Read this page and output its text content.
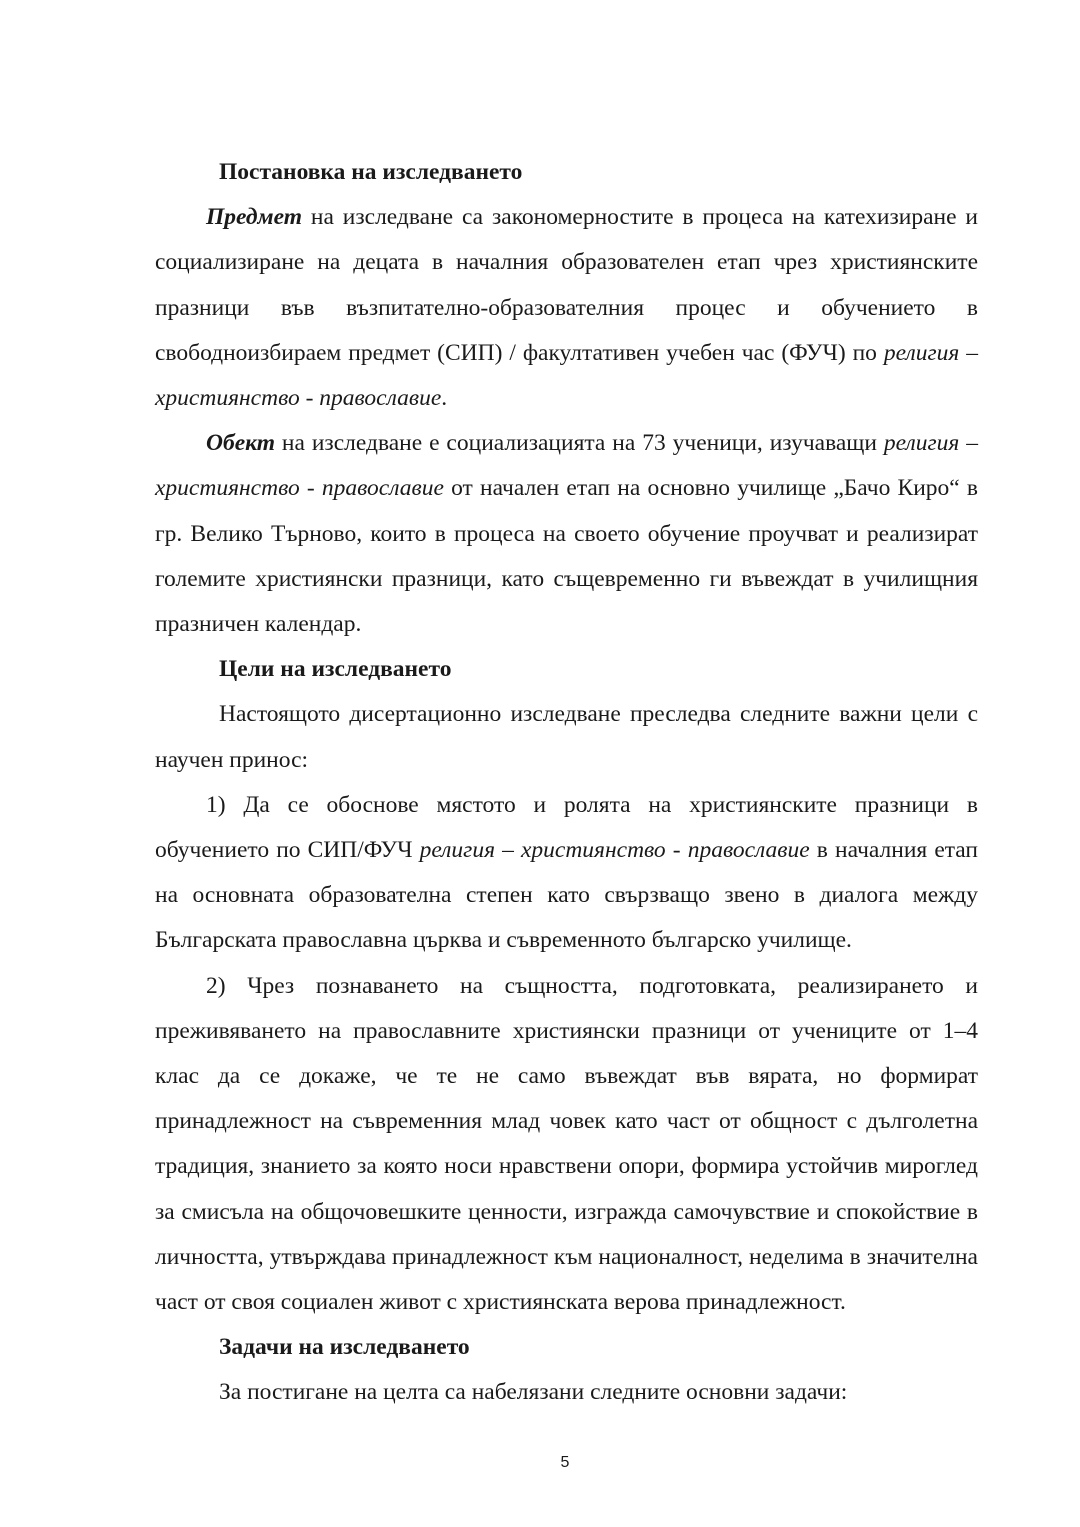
Постановка на изследването

Предмет на изследване са закономерностите в процеса на катехизиране и социализиране на децата в началния образователен етап чрез християнските празници във възпитателно-образователния процес и обучението в свободноизбираем предмет (СИП) / факултативен учебен час (ФУЧ) по религия – християнство - православие.

Обект на изследване е социализацията на 73 ученици, изучаващи религия – християнство - православие от начален етап на основно училище „Бачо Киро“ в гр. Велико Търново, които в процеса на своето обучение проучват и реализират големите християнски празници, като същевременно ги въвеждат в училищния празничен календар.

Цели на изследването

Настоящото дисертационно изследване преследва следните важни цели с научен принос:

1) Да се обоснове мястото и ролята на християнските празници в обучението по СИП/ФУЧ религия – християнство - православие в началния етап на основната образователна степен като свързващо звено в диалога между Българската православна църква и съвременното българско училище.

2) Чрез познаването на същността, подготовката, реализирането и преживяването на православните християнски празници от учениците от 1–4 клас да се докаже, че те не само въвеждат във вярата, но формират принадлежност на съвременния млад човек като част от общност с дълголетна традиция, знанието за която носи нравствени опори, формира устойчив мироглед за смисъла на общочовешките ценности, изгражда самочувствие и спокойствие в личността, утвърждава принадлежност към националност, неделима в значителна част от своя социален живот с християнската верова принадлежност.

Задачи на изследването

За постигане на целта са набелязани следните основни задачи:

5
